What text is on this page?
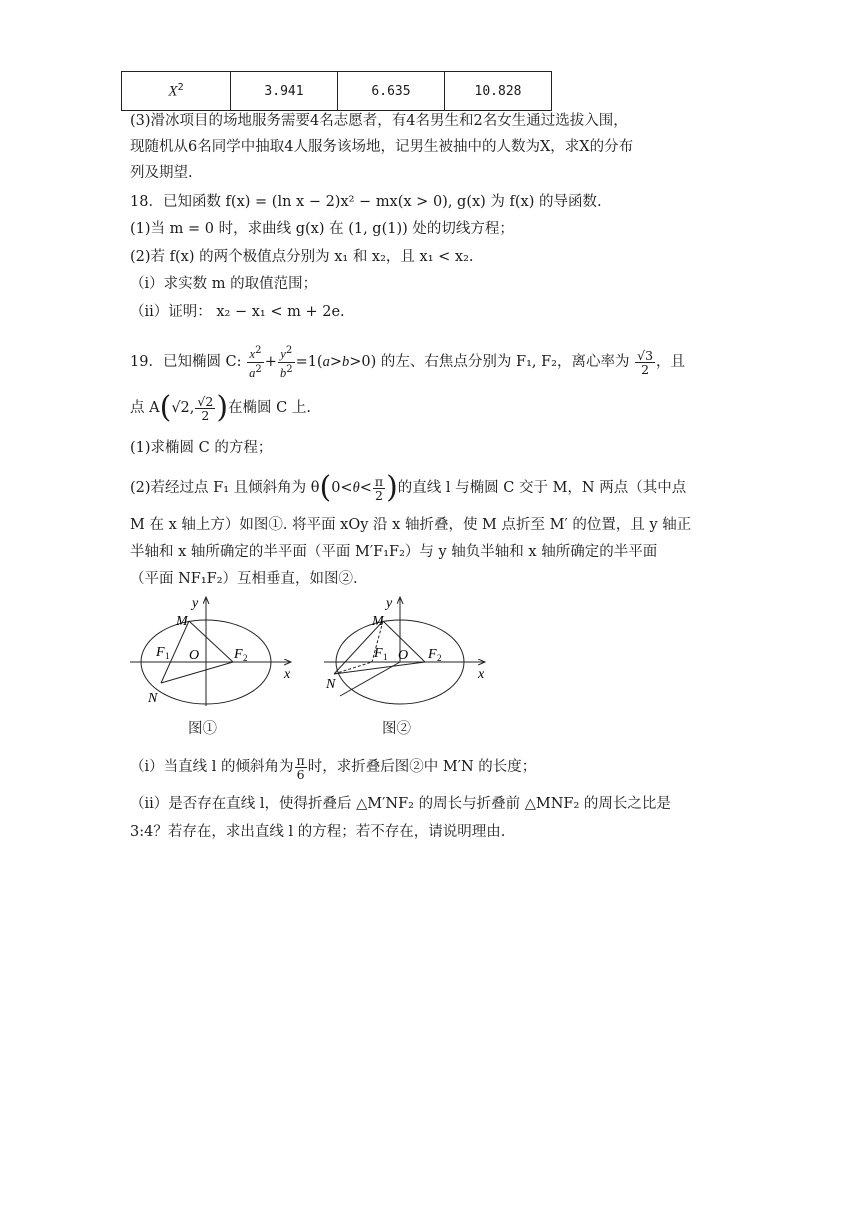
$X^2$	3.941	6.635	10.828
(3)滑冰项目的场地服务需要4名志愿者，有4名男生和2名女生通过选拔入围，
现随机从6名同学中抽取4人服务该场地，记男生被抽中的人数为X，求X的分布
列及期望.
18．已知函数 f(x) = (ln x − 2)x² − mx(x > 0), g(x) 为 f(x) 的导函数.
(1)当 m = 0 时，求曲线 g(x) 在 (1, g(1)) 处的切线方程；
(2)若 f(x) 的两个极值点分别为 x₁ 和 x₂，且 x₁ < x₂.
（i）求实数 m 的取值范围；
（ii）证明： x₂ − x₁ < m + 2e.
19．已知椭圆 C: $\frac{x^2}{a^2} + \frac{y^2}{b^2} =1(a>b>0)$ 的左、右焦点分别为 F₁, F₂，离心率为 $\frac{√3}{2}$ ，且
点 A(√2, $\frac{√2}{2}$ )在椭圆 C 上.
(1)求椭圆 C 的方程；
(2)若经过点 F₁ 且倾斜角为 $\theta(0<\theta< \frac{\pi}{2}$ )的直线 l 与椭圆 C 交于 M，N 两点（其中点
M 在 x 轴上方）如图①. 将平面 xOy 沿 x 轴折叠，使 M 点折至 M′ 的位置，且 y 轴正
半轴和 x 轴所确定的半平面（平面 M′F₁F₂）与 y 轴负半轴和 x 轴所确定的半平面
（平面 NF₁F₂）互相垂直，如图②.
y
x
M
N
O
F 1	F 2
图①
y
x
M
N
O
F 1	F 2
图②
（i）当直线 l 的倾斜角为 $\frac{\pi}{6}$ 时，求折叠后图②中 M′N 的长度；
（ii）是否存在直线 l，使得折叠后 △M′NF₂ 的周长与折叠前 △MNF₂ 的周长之比是
3:4？若存在，求出直线 l 的方程；若不存在，请说明理由.
